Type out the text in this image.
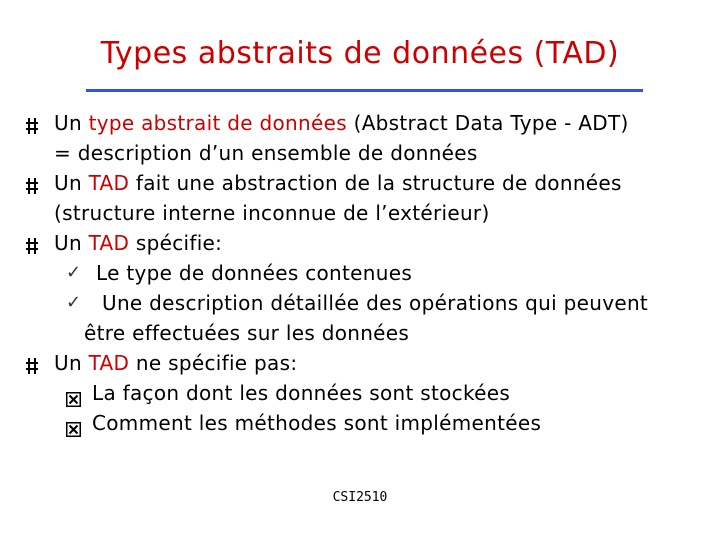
Types abstraits de données (TAD)
Un type abstrait de données (Abstract Data Type - ADT)
= description d’un ensemble de données
Un TAD fait une abstraction de la structure de données
(structure interne inconnue de l’extérieur)
Un TAD spécifie:
✓ Le type de données contenues
✓ Une description détaillée des opérations qui peuvent
être effectuées sur les données
Un TAD ne spécifie pas:
La façon dont les données sont stockées
Comment les méthodes sont implémentées
CSI2510
